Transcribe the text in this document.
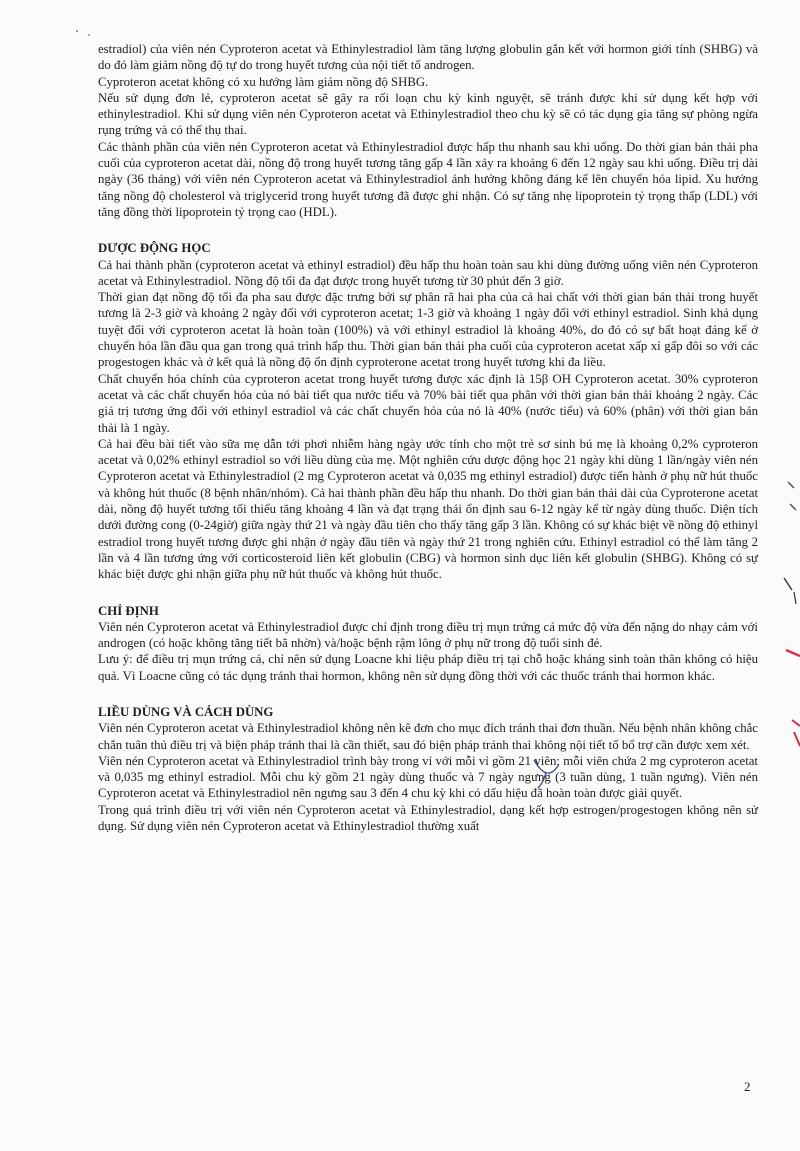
estradiol) của viên nén Cyproteron acetat và Ethinylestradiol làm tăng lượng globulin gắn kết với hormon giới tính (SHBG) và do đó làm giảm nồng độ tự do trong huyết tương của nội tiết tố androgen.

Cyproteron acetat không có xu hướng làm giảm nồng độ SHBG.

Nếu sử dụng đơn lẻ, cyproteron acetat sẽ gây ra rối loạn chu kỳ kinh nguyệt, sẽ tránh được khi sử dụng kết hợp với ethinylestradiol. Khi sử dụng viên nén Cyproteron acetat và Ethinylestradiol theo chu kỳ sẽ có tác dụng gia tăng sự phòng ngừa rụng trứng và có thể thụ thai.

Các thành phần của viên nén Cyproteron acetat và Ethinylestradiol được hấp thu nhanh sau khi uống. Do thời gian bán thải pha cuối của cyproteron acetat dài, nồng độ trong huyết tương tăng gấp 4 lần xảy ra khoảng 6 đến 12 ngày sau khi uống. Điều trị dài ngày (36 tháng) với viên nén Cyproteron acetat và Ethinylestradiol ảnh hưởng không đáng kể lên chuyển hóa lipid. Xu hướng tăng nồng độ cholesterol và triglycerid trong huyết tương đã được ghi nhận. Có sự tăng nhẹ lipoprotein tỷ trọng thấp (LDL) với tăng đồng thời lipoprotein tỷ trọng cao (HDL).

DƯỢC ĐỘNG HỌC

Cả hai thành phần (cyproteron acetat và ethinyl estradiol) đều hấp thu hoàn toàn sau khi dùng đường uống viên nén Cyproteron acetat và Ethinylestradiol. Nồng độ tối đa đạt được trong huyết tương từ 30 phút đến 3 giờ.

Thời gian đạt nồng độ tối đa pha sau được đặc trưng bởi sự phân rã hai pha của cả hai chất với thời gian bán thải trong huyết tương là 2-3 giờ và khoảng 2 ngày đối với cyproteron acetat; 1-3 giờ và khoảng 1 ngày đối với ethinyl estradiol. Sinh khả dụng tuyệt đối với cyproteron acetat là hoàn toàn (100%) và với ethinyl estradiol là khoảng 40%, do đó có sự bất hoạt đáng kể ở chuyển hóa lần đầu qua gan trong quá trình hấp thu. Thời gian bán thải pha cuối của cyproteron acetat xấp xỉ gấp đôi so với các progestogen khác và ở kết quả là nồng độ ổn định cyproterone acetat trong huyết tương khi đa liều.

Chất chuyển hóa chính của cyproteron acetat trong huyết tương được xác định là 15β OH Cyproteron acetat. 30% cyproteron acetat và các chất chuyển hóa của nó bài tiết qua nước tiểu và 70% bài tiết qua phân với thời gian bán thải khoảng 2 ngày. Các giá trị tương ứng đối với ethinyl estradiol và các chất chuyển hóa của nó là 40% (nước tiểu) và 60% (phân) với thời gian bán thải là 1 ngày.

Cả hai đều bài tiết vào sữa mẹ dẫn tới phơi nhiễm hàng ngày ước tính cho một trẻ sơ sinh bú mẹ là khoảng 0,2% cyproteron acetat và 0,02% ethinyl estradiol so với liều dùng của mẹ. Một nghiên cứu dược động học 21 ngày khi dùng 1 lần/ngày viên nén Cyproteron acetat và Ethinylestradiol (2 mg Cyproteron acetat và 0,035 mg ethinyl estradiol) được tiến hành ở phụ nữ hút thuốc và không hút thuốc (8 bệnh nhân/nhóm). Cả hai thành phần đều hấp thu nhanh. Do thời gian bán thải dài của Cyproterone acetat dài, nồng độ huyết tương tối thiểu tăng khoảng 4 lần và đạt trạng thái ổn định sau 6-12 ngày kể từ ngày dùng thuốc. Diện tích dưới đường cong (0-24giờ) giữa ngày thứ 21 và ngày đầu tiên cho thấy tăng gấp 3 lần. Không có sự khác biệt về nồng độ ethinyl estradiol trong huyết tương được ghi nhận ở ngày đầu tiên và ngày thứ 21 trong nghiên cứu. Ethinyl estradiol có thể làm tăng 2 lần và 4 lần tương ứng với corticosteroid liên kết globulin (CBG) và hormon sinh dục liên kết globulin (SHBG). Không có sự khác biệt được ghi nhận giữa phụ nữ hút thuốc và không hút thuốc.

CHỈ ĐỊNH

Viên nén Cyproteron acetat và Ethinylestradiol được chỉ định trong điều trị mụn trứng cá mức độ vừa đến nặng do nhạy cảm với androgen (có hoặc không tăng tiết bã nhờn) và/hoặc bệnh rậm lông ở phụ nữ trong độ tuổi sinh đẻ.

Lưu ý: để điều trị mụn trứng cá, chỉ nên sử dụng Loacne khi liệu pháp điều trị tại chỗ hoặc kháng sinh toàn thân không có hiệu quả. Vì Loacne cũng có tác dụng tránh thai hormon, không nên sử dụng đồng thời với các thuốc tránh thai hormon khác.

LIỀU DÙNG VÀ CÁCH DÙNG

Viên nén Cyproteron acetat và Ethinylestradiol không nên kê đơn cho mục đích tránh thai đơn thuần. Nếu bệnh nhân không chắc chắn tuân thủ điều trị và biện pháp tránh thai là cần thiết, sau đó biện pháp tránh thai không nội tiết tố bổ trợ cần được xem xét.

Viên nén Cyproteron acetat và Ethinylestradiol trình bày trong vỉ với mỗi vỉ gồm 21 viên; mỗi viên chứa 2 mg cyproteron acetat và 0,035 mg ethinyl estradiol. Mỗi chu kỳ gồm 21 ngày dùng thuốc và 7 ngày ngưng (3 tuần dùng, 1 tuần ngưng). Viên nén Cyproteron acetat và Ethinylestradiol nên ngưng sau 3 đến 4 chu kỳ khi có dấu hiệu đã hoàn toàn được giải quyết.

Trong quá trình điều trị với viên nén Cyproteron acetat và Ethinylestradiol, dạng kết hợp estrogen/progestogen không nên sử dụng. Sử dụng viên nén Cyproteron acetat và Ethinylestradiol thường xuất

2
